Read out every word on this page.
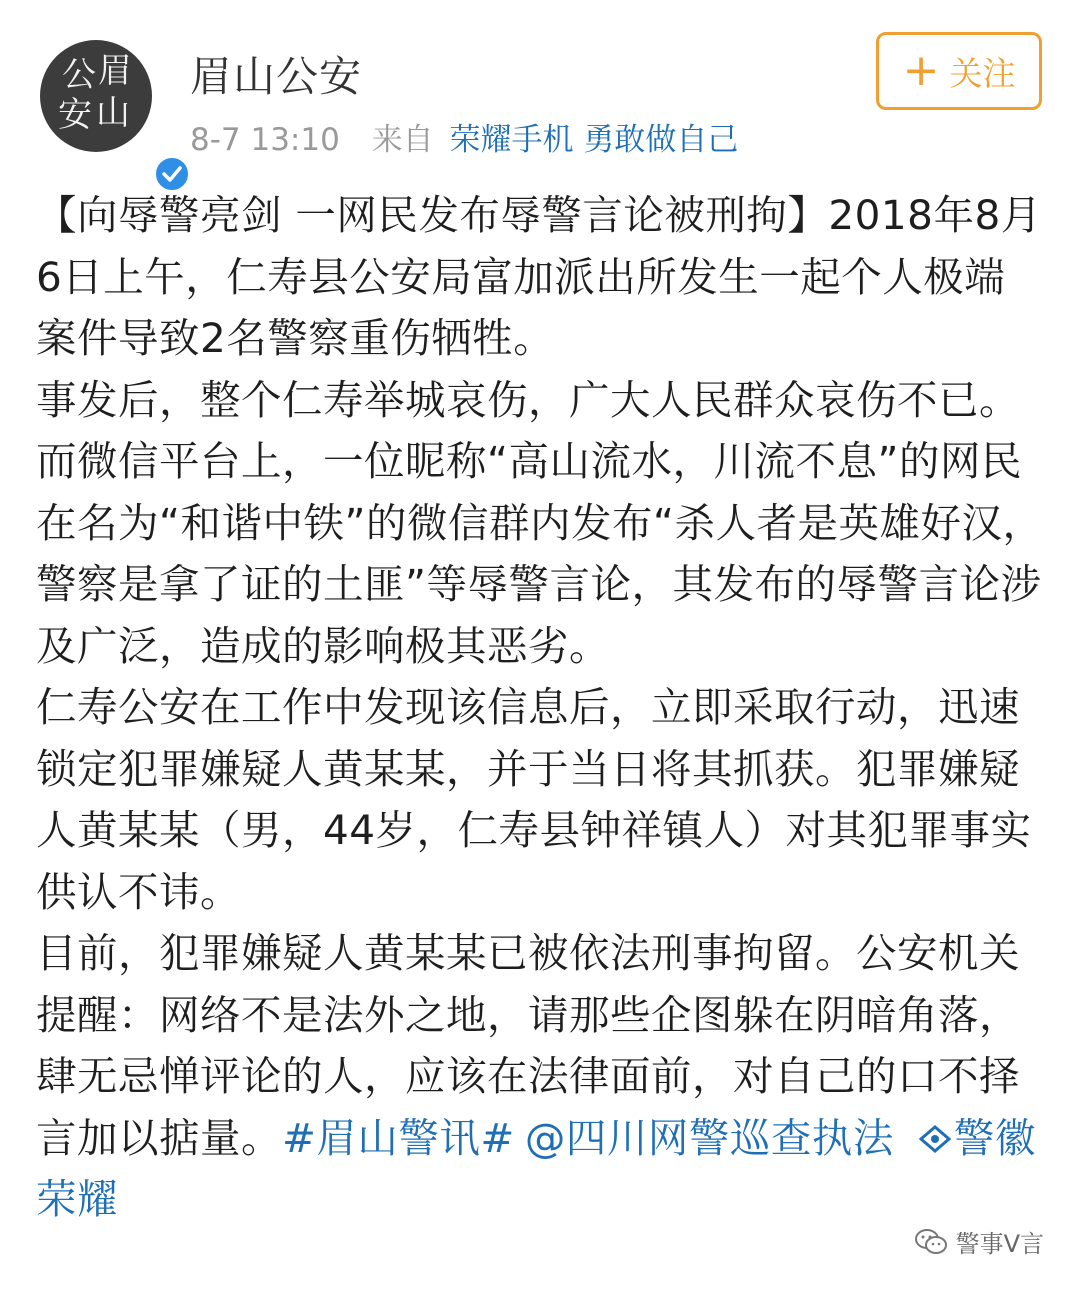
公 眉
安 山
眉山公安
8-7 13:10 来自 荣耀手机 勇敢做自己
+ 关注

【向辱警亮剑 一网民发布辱警言论被刑拘】2018年8月6日上午，仁寿县公安局富加派出所发生一起个人极端案件导致2名警察重伤牺牲。

事发后，整个仁寿举城哀伤，广大人民群众哀伤不已。而微信平台上，一位昵称“高山流水，川流不息”的网民在名为“和谐中铁”的微信群内发布“杀人者是英雄好汉，警察是拿了证的土匪”等辱警言论，其发布的辱警言论涉及广泛，造成的影响极其恶劣。

仁寿公安在工作中发现该信息后，立即采取行动，迅速锁定犯罪嫌疑人黄某某，并于当日将其抓获。犯罪嫌疑人黄某某（男，44岁，仁寿县钟祥镇人）对其犯罪事实供认不讳。

目前，犯罪嫌疑人黄某某已被依法刑事拘留。公安机关提醒：网络不是法外之地，请那些企图躲在阴暗角落，肆无忌惮评论的人，应该在法律面前，对自己的口不择言加以掂量。#眉山警讯# @四川网警巡查执法 警徽荣耀

警事V言
